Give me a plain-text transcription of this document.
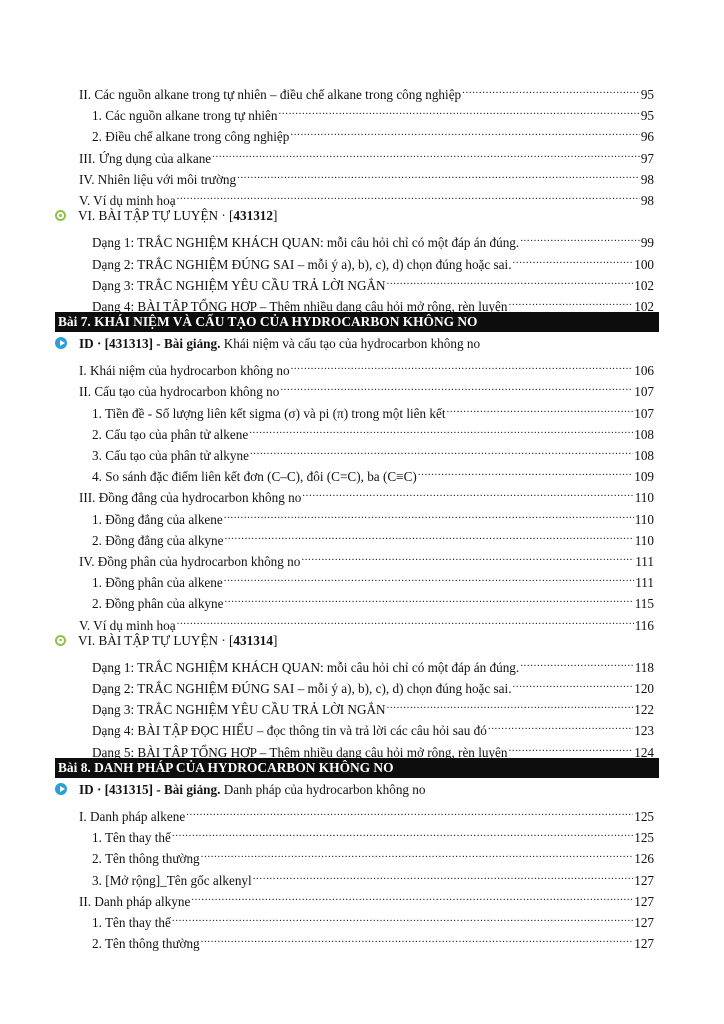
II. Các nguồn alkane trong tự nhiên – điều chế alkane trong công nghiệp .....	95
1. Các nguồn alkane trong tự nhiên .....	95
2. Điều chế alkane trong công nghiệp .....	96
III. Ứng dụng của alkane .....	97
IV. Nhiên liệu với môi trường .....	98
V. Ví dụ minh hoạ .....	98
VI. BÀI TẬP TỰ LUYỆN · [ 431312 ]
Dạng 1: TRẮC NGHIỆM KHÁCH QUAN: mỗi câu hỏi chỉ có một đáp án đúng. .....	99
Dạng 2: TRẮC NGHIỆM ĐÚNG SAI – mỗi ý a), b), c), d) chọn đúng hoặc sai. .....	100
Dạng 3: TRẮC NGHIỆM YÊU CẦU TRẢ LỜI NGẮN .....	102
Dạng 4: BÀI TẬP TỔNG HỢP – Thêm nhiều dạng câu hỏi mở rộng, rèn luyện .....	102
Bài 7. KHÁI NIỆM VÀ CẤU TẠO CỦA HYDROCARBON KHÔNG NO
ID · [431313] - Bài giảng.
Khái niệm và cấu tạo của hydrocarbon không no
I. Khái niệm của hydrocarbon không no .....	106
II. Cấu tạo của hydrocarbon không no .....	107
1. Tiền đề - Số lượng liên kết sigma (σ) và pi (π) trong một liên kết .....	107
2. Cấu tạo của phân tử alkene .....	108
3. Cấu tạo của phân tử alkyne .....	108
4. So sánh đặc điểm liên kết đơn (C–C), đôi (C=C), ba (C≡C) .....	109
III. Đồng đẳng của hydrocarbon không no .....	110
1. Đồng đẳng của alkene .....	110
2. Đồng đẳng của alkyne .....	110
IV. Đồng phân của hydrocarbon không no .....	111
1. Đồng phân của alkene .....	111
2. Đồng phân của alkyne .....	115
V. Ví dụ minh hoạ .....	116
VI. BÀI TẬP TỰ LUYỆN · [ 431314 ]
Dạng 1: TRẮC NGHIỆM KHÁCH QUAN: mỗi câu hỏi chỉ có một đáp án đúng. .....	118
Dạng 2: TRẮC NGHIỆM ĐÚNG SAI – mỗi ý a), b), c), d) chọn đúng hoặc sai. .....	120
Dạng 3: TRẮC NGHIỆM YÊU CẦU TRẢ LỜI NGẮN .....	122
Dạng 4: BÀI TẬP ĐỌC HIỂU – đọc thông tin và trả lời các câu hỏi sau đó .....	123
Dạng 5: BÀI TẬP TỔNG HỢP – Thêm nhiều dạng câu hỏi mở rộng, rèn luyện .....	124
Bài 8. DANH PHÁP CỦA HYDROCARBON KHÔNG NO
ID · [431315] - Bài giảng.
Danh pháp của hydrocarbon không no
I. Danh pháp alkene .....	125
1. Tên thay thế .....	125
2. Tên thông thường .....	126
3. [Mở rộng]_Tên gốc alkenyl .....	127
II. Danh pháp alkyne .....	127
1. Tên thay thế .....	127
2. Tên thông thường .....	127
